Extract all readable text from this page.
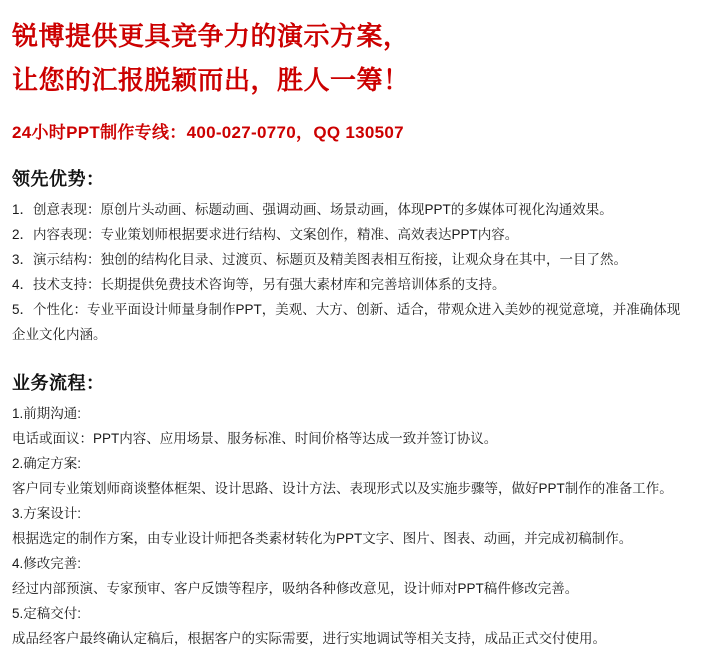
锐博提供更具竞争力的演示方案，
让您的汇报脱颖而出，胜人一筹！
24小时PPT制作专线：400-027-0770，QQ 130507
领先优势：
1．创意表现：原创片头动画、标题动画、强调动画、场景动画，体现PPT的多媒体可视化沟通效果。
2．内容表现：专业策划师根据要求进行结构、文案创作，精准、高效表达PPT内容。
3．演示结构：独创的结构化目录、过渡页、标题页及精美图表相互衔接，让观众身在其中，一目了然。
4．技术支持：长期提供免费技术咨询等，另有强大素材库和完善培训体系的支持。
5．个性化：专业平面设计师量身制作PPT，美观、大方、创新、适合，带观众进入美妙的视觉意境，并准确体现
企业文化内涵。
业务流程：
1.前期沟通:
电话或面议：PPT内容、应用场景、服务标准、时间价格等达成一致并签订协议。
2.确定方案:
客户同专业策划师商谈整体框架、设计思路、设计方法、表现形式以及实施步骤等，做好PPT制作的准备工作。
3.方案设计:
根据选定的制作方案，由专业设计师把各类素材转化为PPT文字、图片、图表、动画，并完成初稿制作。
4.修改完善:
经过内部预演、专家预审、客户反馈等程序，吸纳各种修改意见，设计师对PPT稿件修改完善。
5.定稿交付:
成品经客户最终确认定稿后，根据客户的实际需要，进行实地调试等相关支持，成品正式交付使用。
